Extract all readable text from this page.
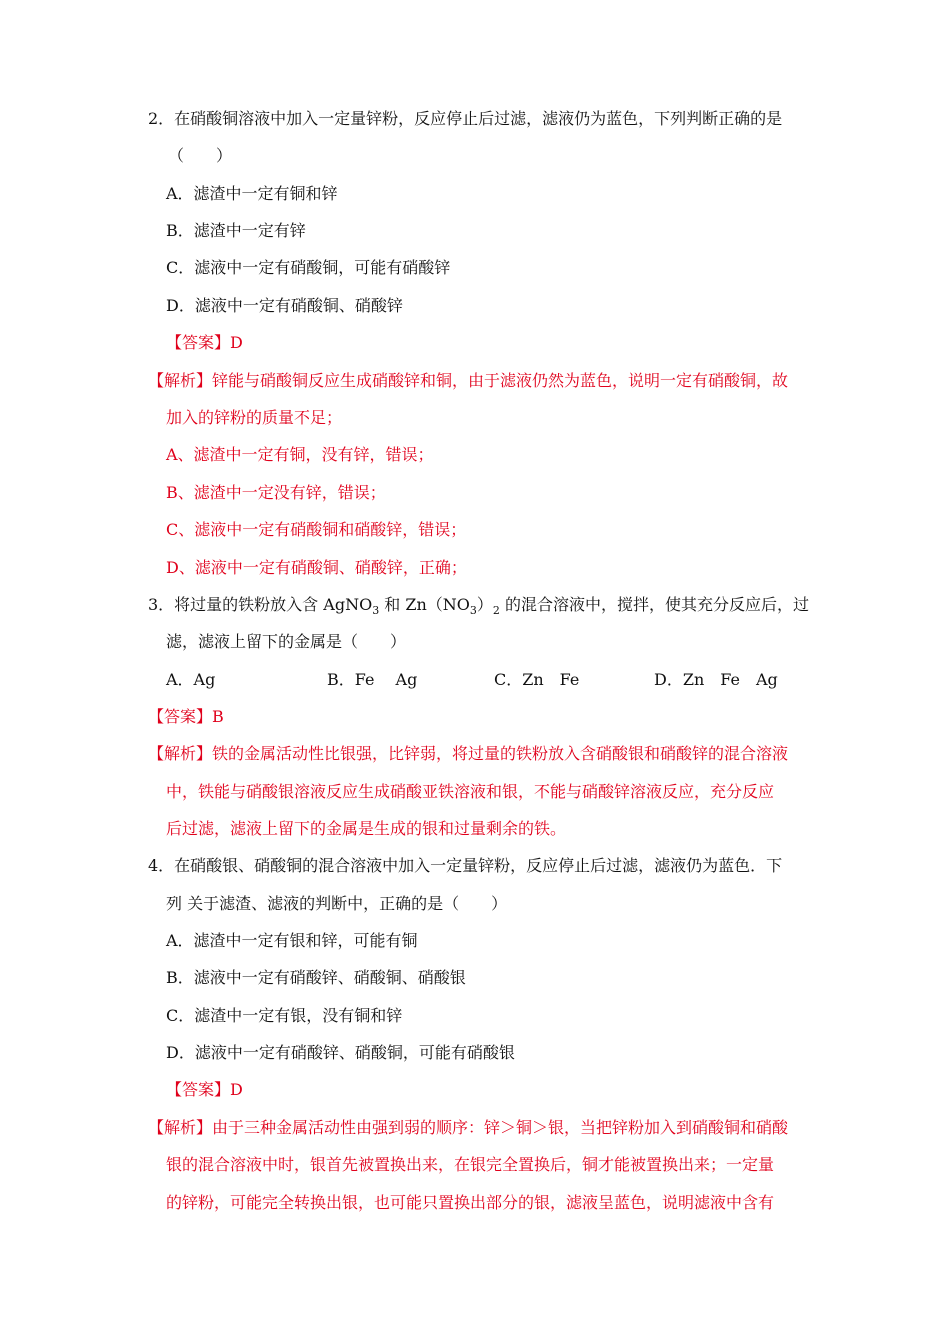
2．在硝酸铜溶液中加入一定量锌粉，反应停止后过滤，滤液仍为蓝色，下列判断正确的是
（　　）
A．滤渣中一定有铜和锌
B．滤渣中一定有锌
C．滤液中一定有硝酸铜，可能有硝酸锌
D．滤液中一定有硝酸铜、硝酸锌
【答案】D
【解析】锌能与硝酸铜反应生成硝酸锌和铜，由于滤液仍然为蓝色，说明一定有硝酸铜，故
加入的锌粉的质量不足；
A、滤渣中一定有铜，没有锌，错误；
B、滤渣中一定没有锌，错误；
C、滤液中一定有硝酸铜和硝酸锌，错误；
D、滤液中一定有硝酸铜、硝酸锌，正确；
3．将过量的铁粉放入含 AgNO$_3$ 和 $Zn(NO_3)_2$ 的混合溶液中，搅拌，使其充分反应后，过
滤，滤液上留下的金属是（　　）
A．Ag	B．Fe　 Ag	C．Zn　Fe	D．Zn　Fe　Ag
【答案】B
【解析】铁的金属活动性比银强，比锌弱，将过量的铁粉放入含硝酸银和硝酸锌的混合溶液
中，铁能与硝酸银溶液反应生成硝酸亚铁溶液和银，不能与硝酸锌溶液反应，充分反应
后过滤，滤液上留下的金属是生成的银和过量剩余的铁。
4．在硝酸银、硝酸铜的混合溶液中加入一定量锌粉，反应停止后过滤，滤液仍为蓝色．下
列 关于滤渣、滤液的判断中，正确的是（　　）
A．滤渣中一定有银和锌，可能有铜
B．滤液中一定有硝酸锌、硝酸铜、硝酸银
C．滤渣中一定有银，没有铜和锌
D．滤液中一定有硝酸锌、硝酸铜，可能有硝酸银
【答案】D
【解析】由于三种金属活动性由强到弱的顺序：锌＞铜＞银，当把锌粉加入到硝酸铜和硝酸
银的混合溶液中时，银首先被置换出来，在银完全置换后，铜才能被置换出来；一定量
的锌粉，可能完全转换出银，也可能只置换出部分的银，滤液呈蓝色，说明滤液中含有
